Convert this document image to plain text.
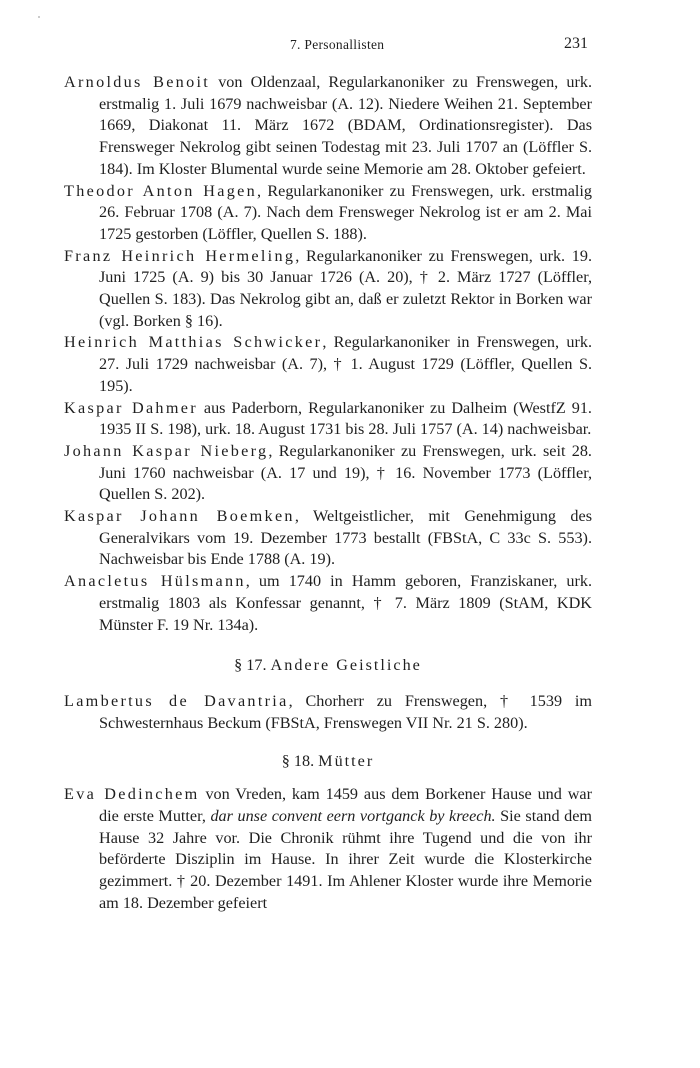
7. Personallisten	231

Arnoldus Benoit von Oldenzaal, Regularkanoniker zu Frenswegen, urk. erstmalig 1. Juli 1679 nachweisbar (A. 12). Niedere Weihen 21. September 1669, Diakonat 11. März 1672 (BDAM, Ordinationsregister). Das Frensweger Nekrolog gibt seinen Todestag mit 23. Juli 1707 an (Löffler S. 184). Im Kloster Blumental wurde seine Memorie am 28. Oktober gefeiert.

Theodor Anton Hagen, Regularkanoniker zu Frenswegen, urk. erstmalig 26. Februar 1708 (A. 7). Nach dem Frensweger Nekrolog ist er am 2. Mai 1725 gestorben (Löffler, Quellen S. 188).

Franz Heinrich Hermeling, Regularkanoniker zu Frenswegen, urk. 19. Juni 1725 (A. 9) bis 30 Januar 1726 (A. 20), † 2. März 1727 (Löffler, Quellen S. 183). Das Nekrolog gibt an, daß er zuletzt Rektor in Borken war (vgl. Borken § 16).

Heinrich Matthias Schwicker, Regularkanoniker in Frenswegen, urk. 27. Juli 1729 nachweisbar (A. 7), † 1. August 1729 (Löffler, Quellen S. 195).

Kaspar Dahmer aus Paderborn, Regularkanoniker zu Dalheim (WestfZ 91. 1935 II S. 198), urk. 18. August 1731 bis 28. Juli 1757 (A. 14) nachweisbar.

Johann Kaspar Nieberg, Regularkanoniker zu Frenswegen, urk. seit 28. Juni 1760 nachweisbar (A. 17 und 19), † 16. November 1773 (Löffler, Quellen S. 202).

Kaspar Johann Boemken, Weltgeistlicher, mit Genehmigung des Generalvikars vom 19. Dezember 1773 bestallt (FBStA, C 33c S. 553). Nachweisbar bis Ende 1788 (A. 19).

Anacletus Hülsmann, um 1740 in Hamm geboren, Franziskaner, urk. erstmalig 1803 als Konfessar genannt, † 7. März 1809 (StAM, KDK Münster F. 19 Nr. 134a).

§ 17. Andere Geistliche

Lambertus de Davantria, Chorherr zu Frenswegen, † 1539 im Schwesternhaus Beckum (FBStA, Frenswegen VII Nr. 21 S. 280).

§ 18. Mütter

Eva Dedinchem von Vreden, kam 1459 aus dem Borkener Hause und war die erste Mutter, dar unse convent eern vortganck by kreech. Sie stand dem Hause 32 Jahre vor. Die Chronik rühmt ihre Tugend und die von ihr beförderte Disziplin im Hause. In ihrer Zeit wurde die Klosterkirche gezimmert. † 20. Dezember 1491. Im Ahlener Kloster wurde ihre Memorie am 18. Dezember gefeiert
